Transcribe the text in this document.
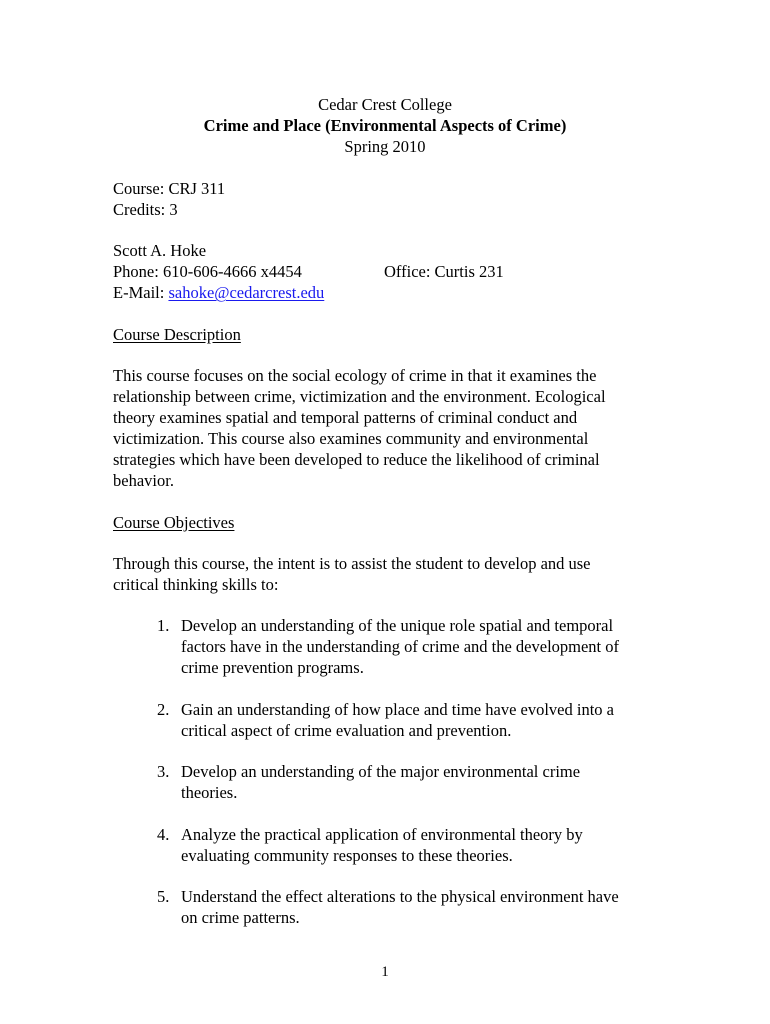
Cedar Crest College
Crime and Place (Environmental Aspects of Crime)
Spring 2010
Course: CRJ 311
Credits: 3
Scott A. Hoke
Phone: 610-606-4666 x4454	Office: Curtis 231
E-Mail: sahoke@cedarcrest.edu
Course Description
This course focuses on the social ecology of crime in that it examines the
relationship between crime, victimization and the environment. Ecological
theory examines spatial and temporal patterns of criminal conduct and
victimization. This course also examines community and environmental
strategies which have been developed to reduce the likelihood of criminal
behavior.
Course Objectives
Through this course, the intent is to assist the student to develop and use
critical thinking skills to:
1. Develop an understanding of the unique role spatial and temporal
factors have in the understanding of crime and the development of
crime prevention programs.
2. Gain an understanding of how place and time have evolved into a
critical aspect of crime evaluation and prevention.
3. Develop an understanding of the major environmental crime
theories.
4. Analyze the practical application of environmental theory by
evaluating community responses to these theories.
5. Understand the effect alterations to the physical environment have
on crime patterns.
1
